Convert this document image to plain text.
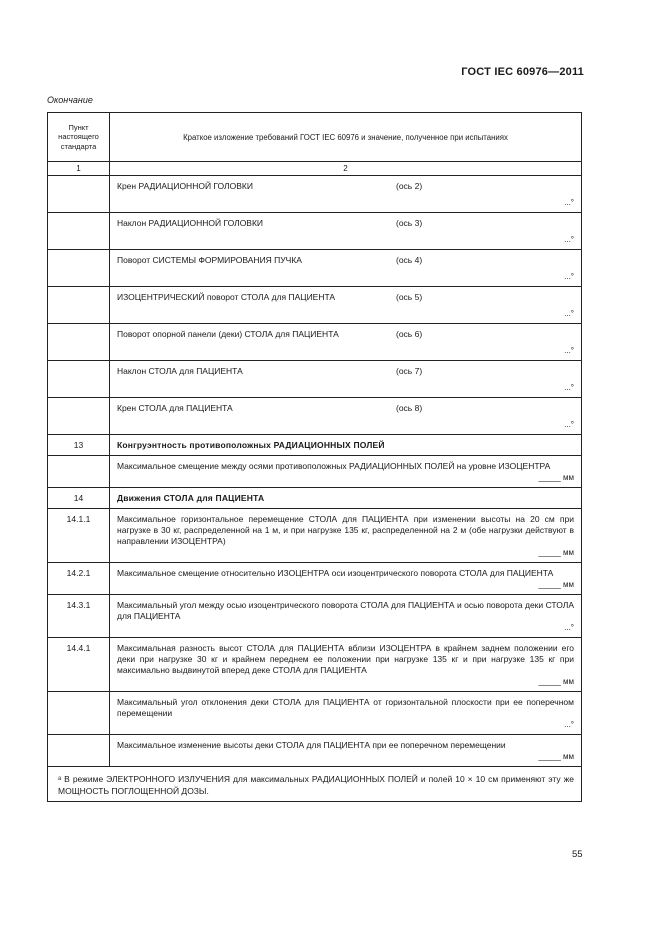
ГОСТ IEC 60976—2011
Окончание
Пункт настоящего стандарта	Краткое изложение требований ГОСТ IEC 60976 и значение, полученное при испытаниях
1	2

	Крен РАДИАЦИОННОЙ ГОЛОВКИ (ось 2)
...°

	Наклон РАДИАЦИОННОЙ ГОЛОВКИ (ось 3)
...°

	Поворот СИСТЕМЫ ФОРМИРОВАНИЯ ПУЧКА (ось 4)
...°

	ИЗОЦЕНТРИЧЕСКИЙ поворот СТОЛА для ПАЦИЕНТА (ось 5)
...°

	Поворот опорной панели (деки) СТОЛА для ПАЦИЕНТА (ось 6)
...°

	Наклон СТОЛА для ПАЦИЕНТА (ось 7)
...°

	Крен СТОЛА для ПАЦИЕНТА (ось 8)
...°

13	Конгруэнтность противоположных РАДИАЦИОННЫХ ПОЛЕЙ

	Максимальное смещение между осями противоположных РАДИАЦИОННЫХ ПОЛЕЙ на уровне ИЗОЦЕНТРА
_____ мм

14	Движения СТОЛА для ПАЦИЕНТА
14.1.1	Максимальное горизонтальное перемещение СТОЛА для ПАЦИЕНТА при изменении высоты на 20 см при нагрузке в 30 кг, распределенной на 1 м, и при нагрузке 135 кг, распределенной на 2 м (обе нагрузки действуют в направлении ИЗОЦЕНТРА)
_____ мм

14.2.1	Максимальное смещение относительно ИЗОЦЕНТРА оси изоцентрического поворота СТОЛА для ПАЦИЕНТА
_____ мм

14.3.1	Максимальный угол между осью изоцентрического поворота СТОЛА для ПАЦИЕНТА и осью поворота деки СТОЛА для ПАЦИЕНТА
...°

14.4.1	Максимальная разность высот СТОЛА для ПАЦИЕНТА вблизи ИЗОЦЕНТРА в крайнем заднем положении его деки при нагрузке 30 кг и крайнем переднем ее положении при нагрузке 135 кг и при нагрузке 135 кг при максимально выдвинутой вперед деке СТОЛА для ПАЦИЕНТА
_____ мм

	Максимальный угол отклонения деки СТОЛА для ПАЦИЕНТА от горизонтальной плоскости при ее поперечном перемещении
...°

	Максимальное изменение высоты деки СТОЛА для ПАЦИЕНТА при ее поперечном перемещении
_____ мм

ᵃ В режиме ЭЛЕКТРОННОГО ИЗЛУЧЕНИЯ для максимальных РАДИАЦИОННЫХ ПОЛЕЙ и полей 10 × 10 см применяют эту же МОЩНОСТЬ ПОГЛОЩЕННОЙ ДОЗЫ.	
55
